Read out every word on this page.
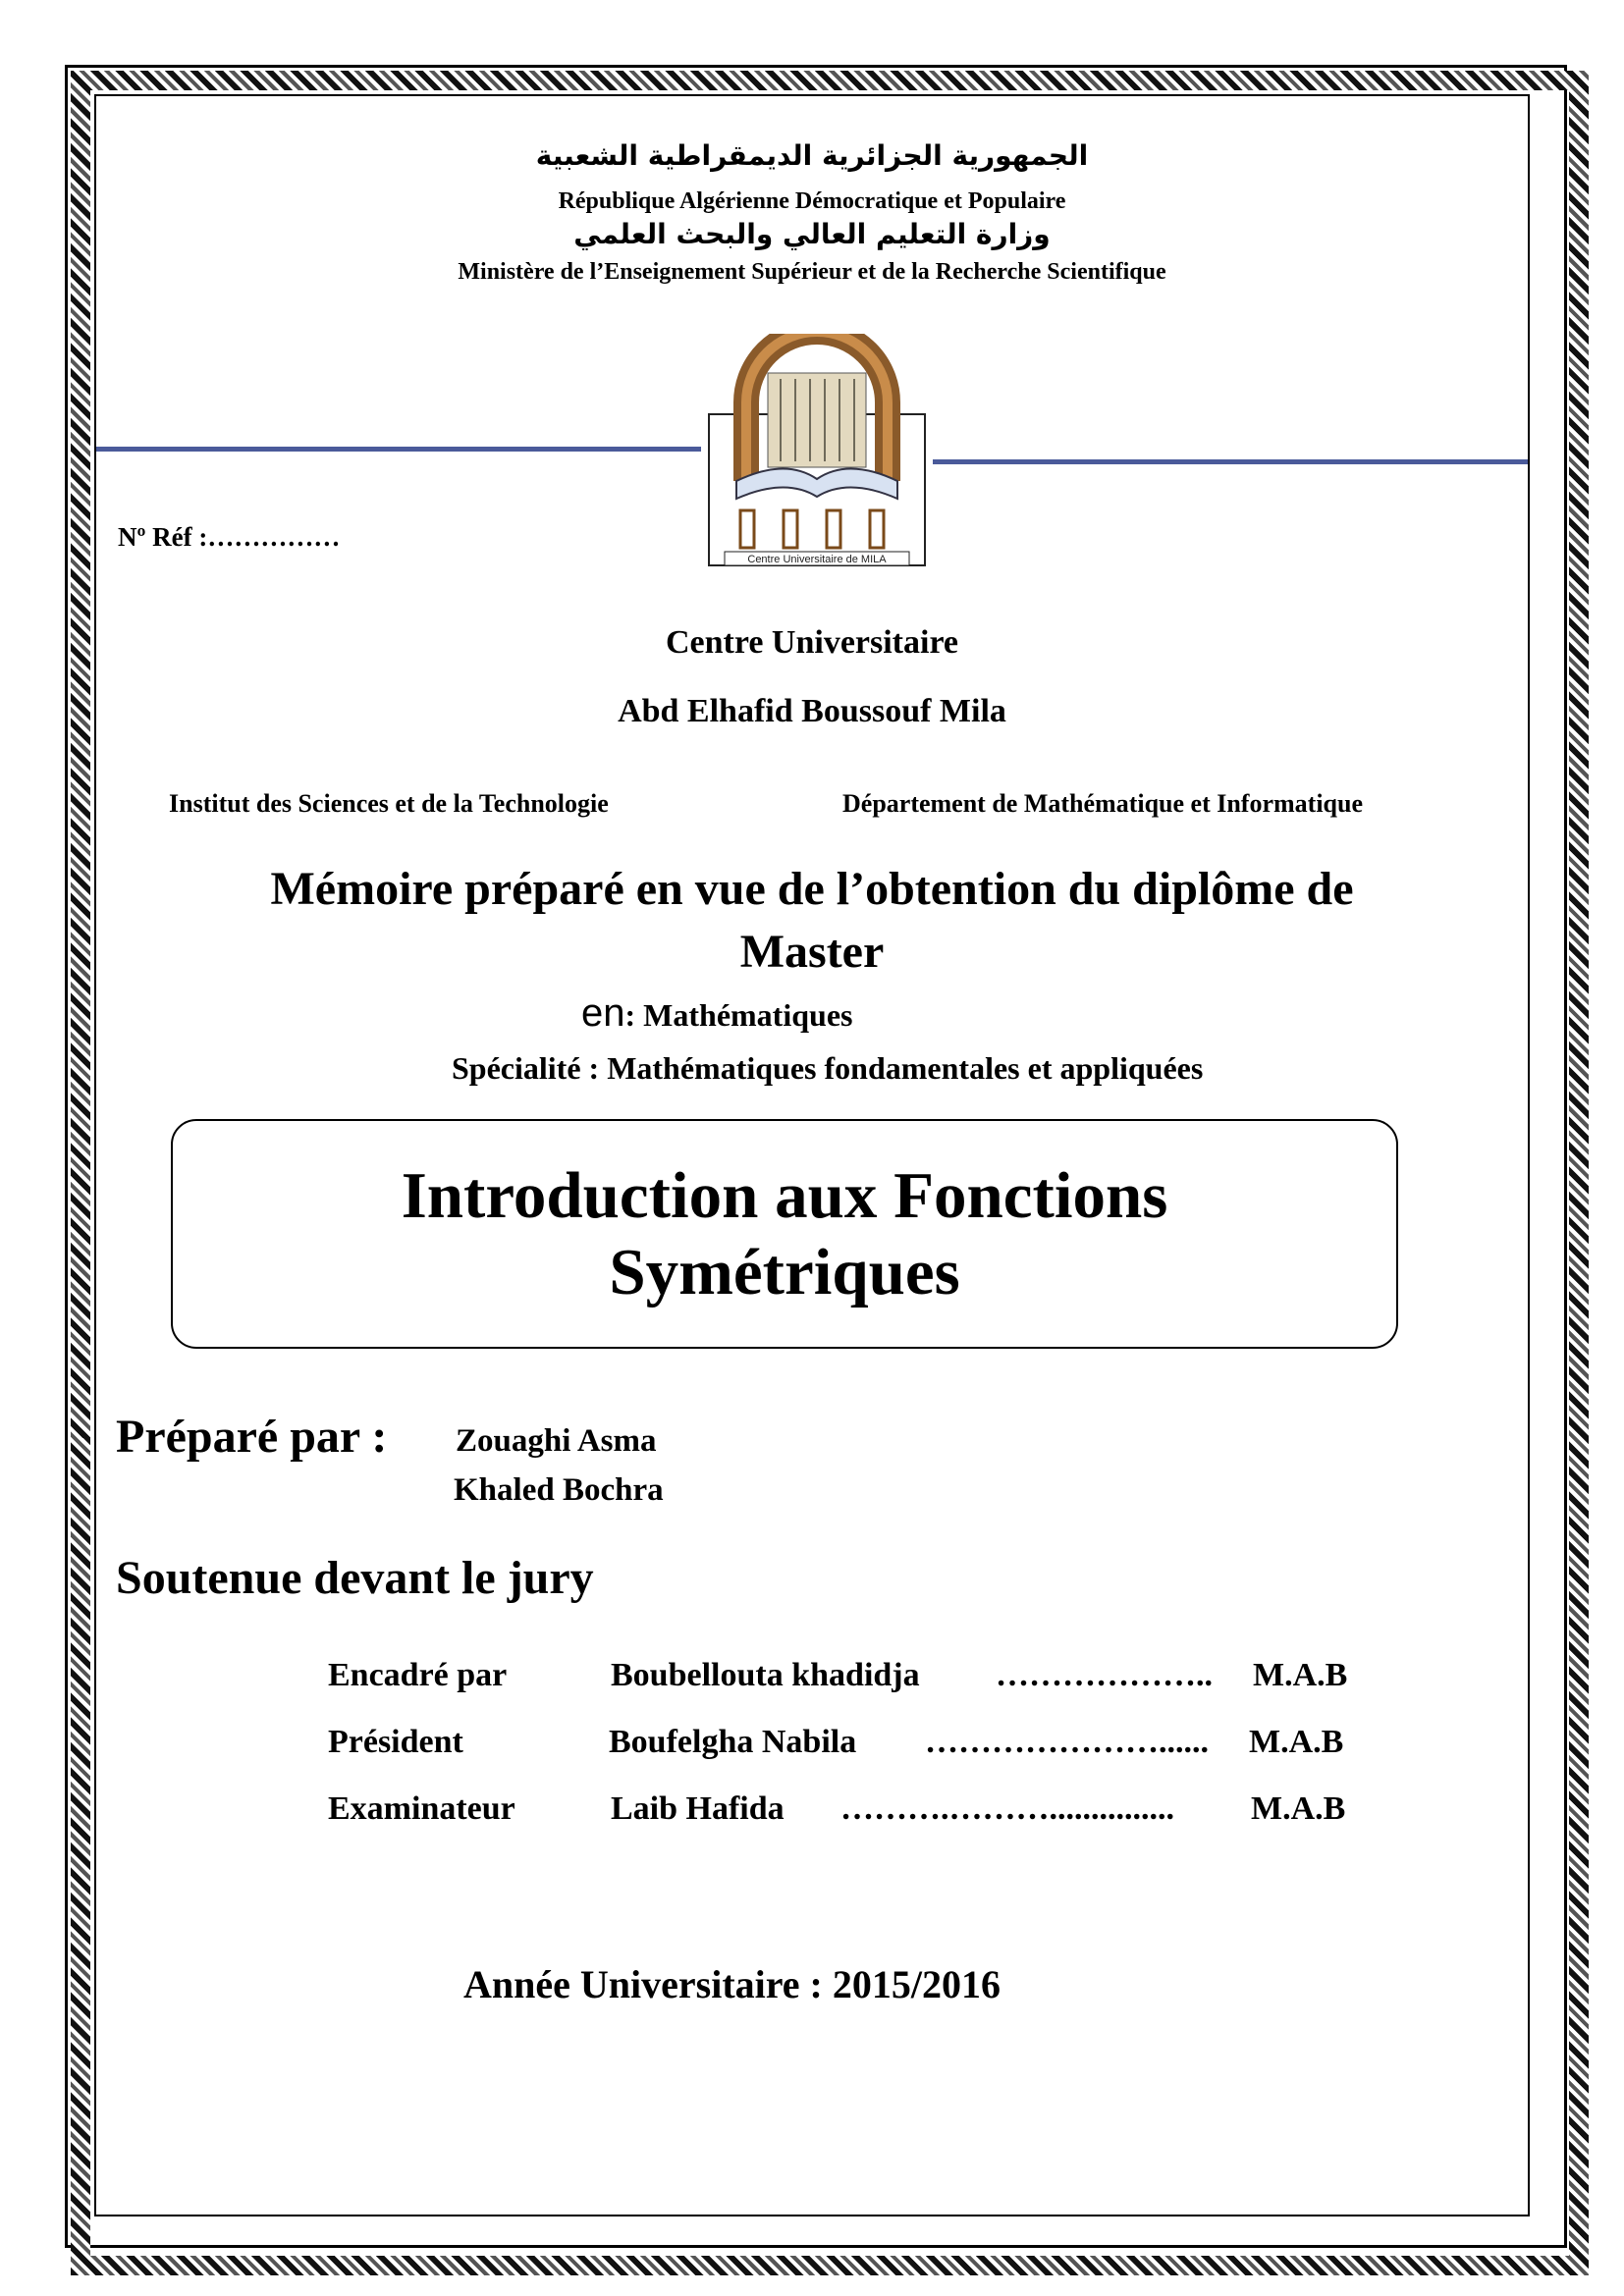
الجمهورية الجزائرية الديمقراطية الشعبية
République Algérienne Démocratique et Populaire
وزارة التعليم العالي والبحث العلمي
Ministère de l’Enseignement Supérieur et de la Recherche Scientifique
Centre Universitaire de MILA
Nº Réf :……………
Centre Universitaire
Abd Elhafid Boussouf Mila
Institut des Sciences et de la Technologie	Département de Mathématique et Informatique
Mémoire préparé en vue de l’obtention du diplôme de
Master
en: Mathématiques
Spécialité : Mathématiques fondamentales et appliquées
Introduction aux Fonctions
Symétriques
Préparé par : Zouaghi Asma
Khaled Bochra
Soutenue devant le jury
Encadré par	Boubellouta khadidja ……………….. M.A.B
Président	Boufelgha Nabila …………………...... M.A.B
Examinateur	Laib Hafida ……….………............... M.A.B
Année Universitaire : 2015/2016
